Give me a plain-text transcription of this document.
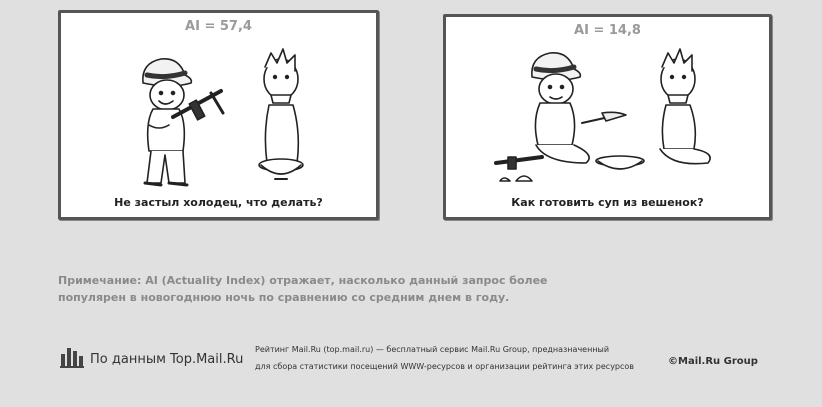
AI = 57,4
Не застыл холодец, что делать?
AI = 14,8
Как готовить суп из вешенок?
Примечание: AI (Actuality Index) отражает, насколько данный запрос более популярен в новогоднюю ночь по сравнению со средним днем в году.
По данным Top.Mail.Ru
Рейтинг Mail.Ru (top.mail.ru) — бесплатный сервис Mail.Ru Group, предназначенный
для сбора статистики посещений WWW-ресурсов и организации рейтинга этих ресурсов	©Mail.Ru Group
